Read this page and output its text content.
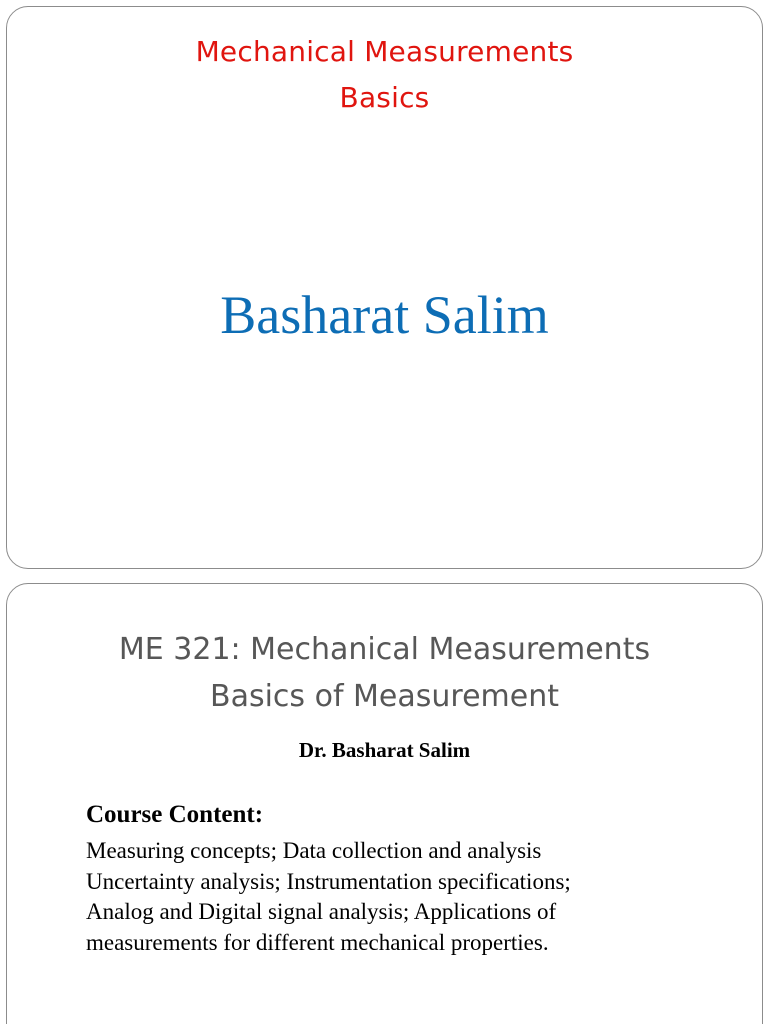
Mechanical Measurements
Basics
Basharat Salim
ME 321: Mechanical Measurements
Basics of Measurement
Dr. Basharat Salim
Course Content:
Measuring concepts; Data collection and analysis
Uncertainty analysis; Instrumentation specifications;
Analog and Digital signal analysis; Applications of
measurements for different mechanical properties.
